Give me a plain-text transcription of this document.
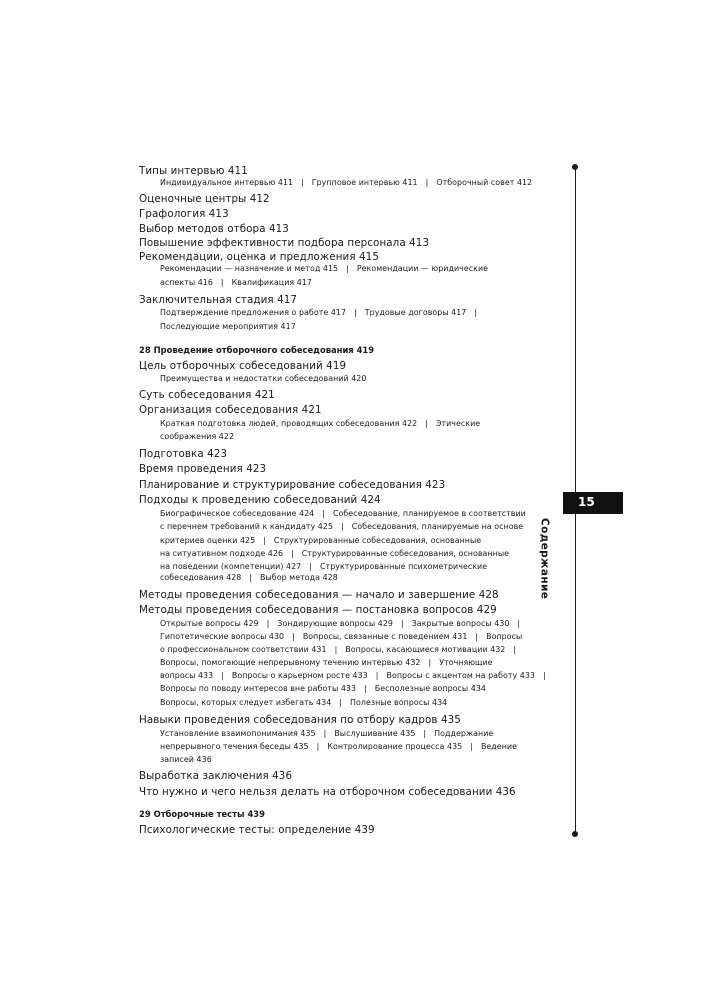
Типы интервью 411
Индивидуальное интервью 411 | Групповое интервью 411 | Отборочный совет 412
Оценочные центры 412
Графология 413
Выбор методов отбора 413
Повышение эффективности подбора персонала 413
Рекомендации, оценка и предложения 415
Рекомендации — назначение и метод 415 | Рекомендации — юридические
аспекты 416 | Квалификация 417
Заключительная стадия 417
Подтверждение предложения о работе 417 | Трудовые договоры 417 |
Последующие мероприятия 417
28 Проведение отборочного собеседования 419
Цель отборочных собеседований 419
Преимущества и недостатки собеседований 420
Суть собеседования 421
Организация собеседования 421
Краткая подготовка людей, проводящих собеседования 422 | Этические
соображения 422
Подготовка 423
Время проведения 423
Планирование и структурирование собеседования 423
Подходы к проведению собеседований 424
Биографическое собеседование 424 | Собеседование, планируемое в соответствии
с перечнем требований к кандидату 425 | Собеседования, планируемые на основе
критериев оценки 425 | Структурированные собеседования, основанные
на ситуативном подходе 426 | Структурированные собеседования, основанные
на поведении (компетенции) 427 | Структурированные психометрические
собеседования 428 | Выбор метода 428
Методы проведения собеседования — начало и завершение 428
Методы проведения собеседования — постановка вопросов 429
Открытые вопросы 429 | Зондирующие вопросы 429 | Закрытые вопросы 430 |
Гипотетические вопросы 430 | Вопросы, связанные с поведением 431 | Вопросы
о профессиональном соответствии 431 | Вопросы, касающиеся мотивации 432 |
Вопросы, помогающие непрерывному течению интервью 432 | Уточняющие
вопросы 433 | Вопросы о карьерном росте 433 | Вопросы с акцентом на работу 433 |
Вопросы по поводу интересов вне работы 433 | Бесполезные вопросы 434
Вопросы, которых следует избегать 434 | Полезные вопросы 434
Навыки проведения собеседования по отбору кадров 435
Установление взаимопонимания 435 | Выслушивание 435 | Поддержание
непрерывного течения беседы 435 | Контролирование процесса 435 | Ведение
записей 436
Выработка заключения 436
Что нужно и чего нельзя делать на отборочном собеседовании 436
29 Отборочные тесты 439
Психологические тесты: определение 439
15
Содержание
